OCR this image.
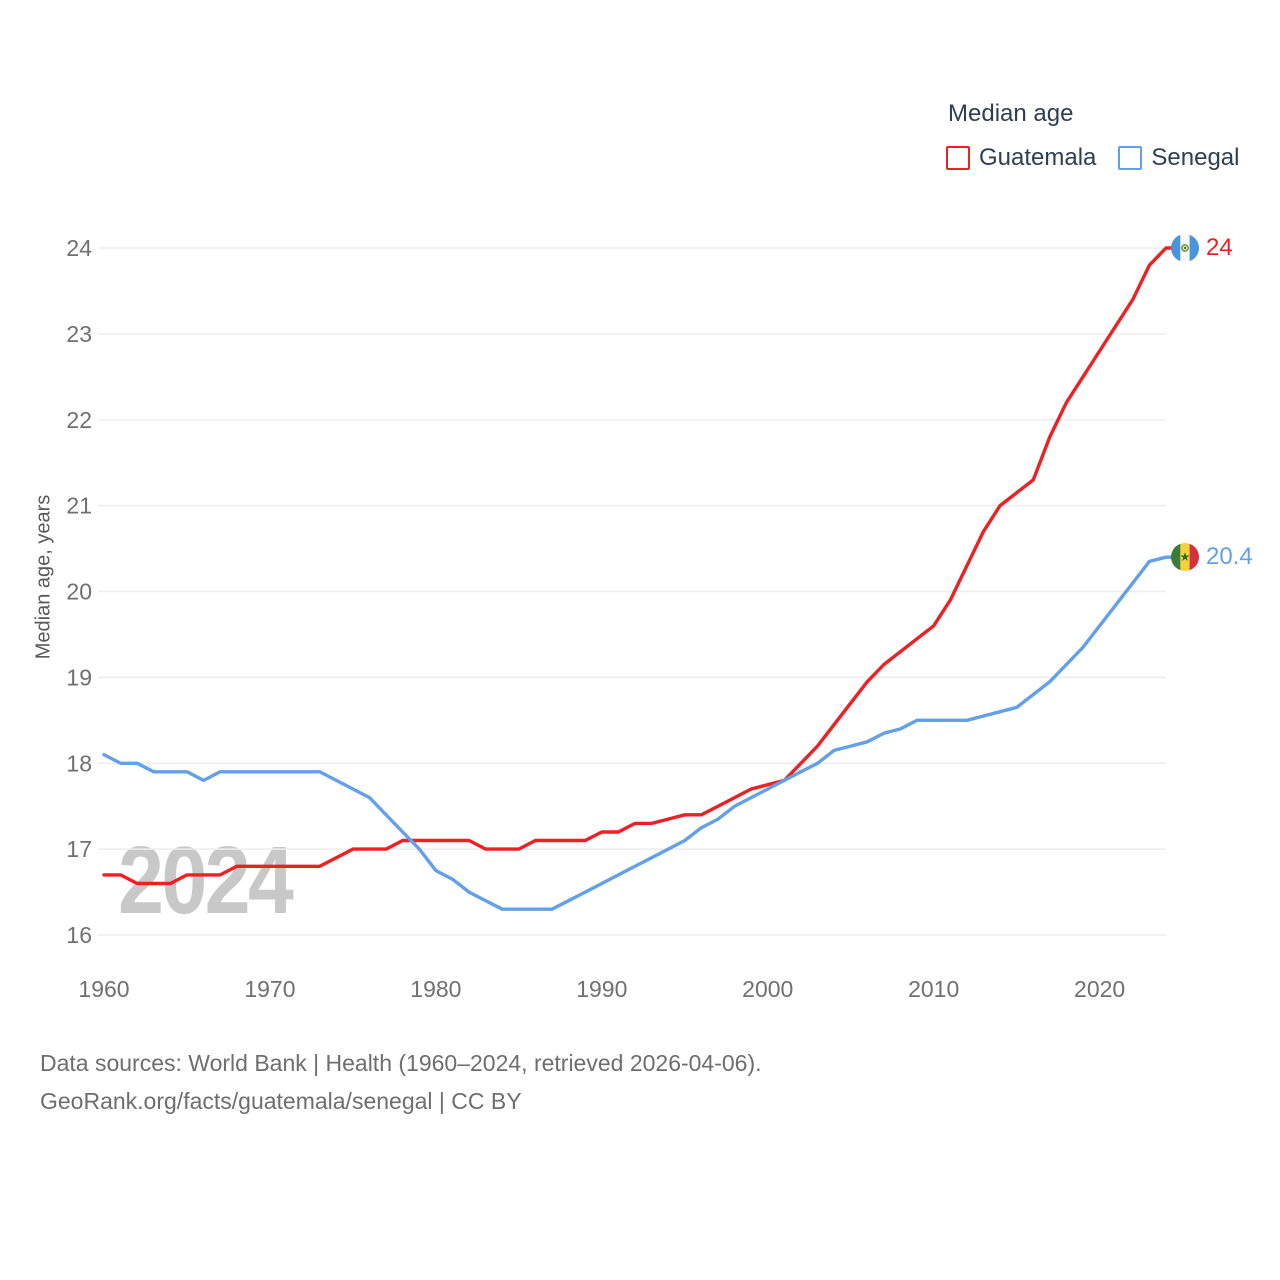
2024
16
17
18
19
20
21
22
23
24
1960	1970	1980	1990	2000	2010	2020
Median age
Guatemala Senegal
Median age, years
24
20.4
Data sources: World Bank | Health (1960–2024, retrieved 2026-04-06).
GeoRank.org/facts/guatemala/senegal | CC BY
